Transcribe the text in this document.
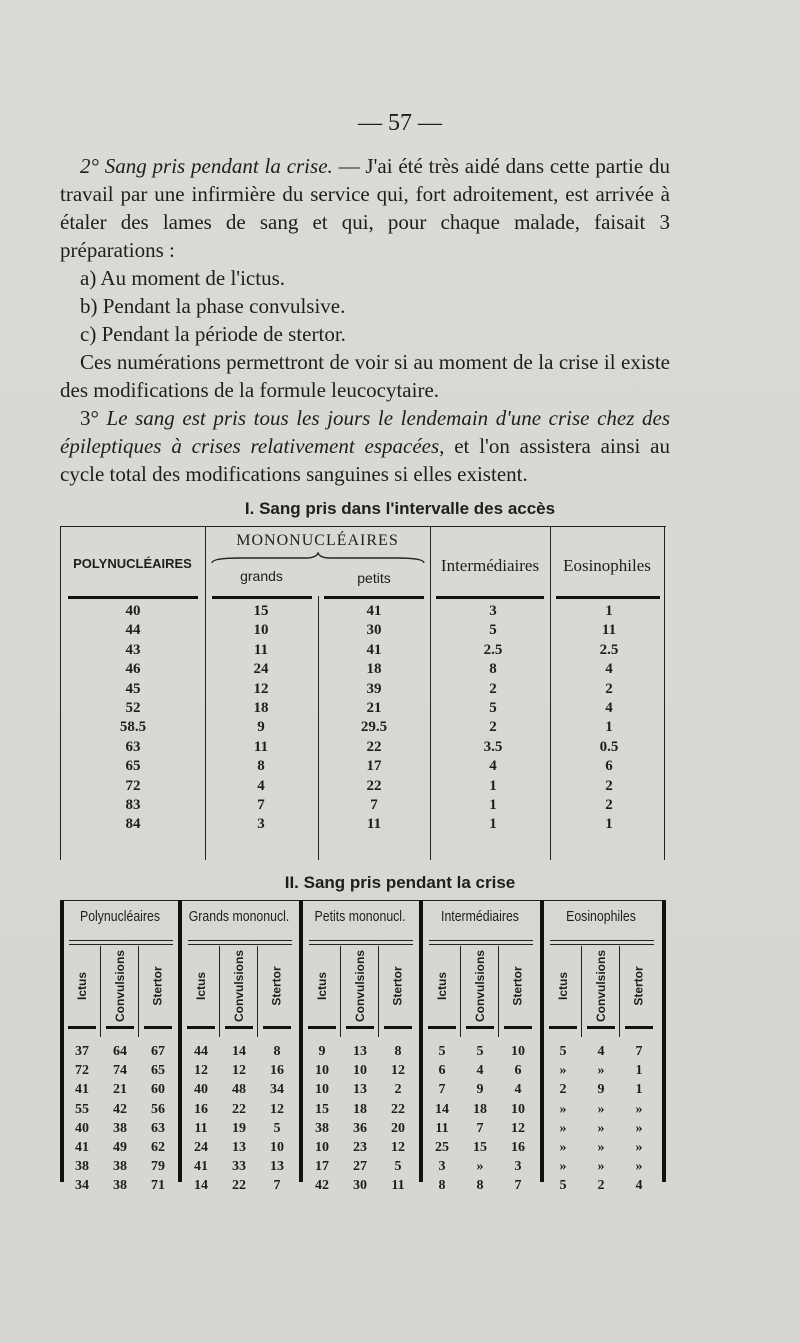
— 57 —

2° Sang pris pendant la crise. — J'ai été très aidé dans cette partie du travail par une infirmière du service qui, fort adroitement, est arrivée à étaler des lames de sang et qui, pour chaque malade, faisait 3 préparations :

a) Au moment de l'ictus.

b) Pendant la phase convulsive.

c) Pendant la période de stertor.

Ces numérations permettront de voir si au moment de la crise il existe des modifications de la formule leucocytaire.

3° Le sang est pris tous les jours le lendemain d'une crise chez des épileptiques à crises relativement espacées, et l'on assistera ainsi au cycle total des modifications sanguines si elles existent.

I. Sang pris dans l'intervalle des accès
POLYNUCLÉAIRES
MONONUCLÉAIRES
grands	petits
Intermédiaires	Eosinophiles
40
44
43
46
45
52
58.5
63
65
72
83
84
15
10
11
24
12
18
9
11
8
4
7
3
41
30
41
18
39
21
29.5
22
17
22
7
11
3
5
2.5
8
2
5
2
3.5
4
1
1
1
1
11
2.5
4
2
4
1
0.5
6
2
2
1
II. Sang pris pendant la crise
Polynucléaires
Ictus Convulsions Stertor
Grands mononucl.
Ictus Convulsions Stertor
Petits mononucl.
Ictus Convulsions Stertor
Intermédiaires
Ictus Convulsions Stertor
Eosinophiles
Ictus Convulsions Stertor
37
72
41
55
40
41
38
34
64
74
21
42
38
49
38
38
67
65
60
56
63
62
79
71
44
12
40
16
11
24
41
14
14
12
48
22
19
13
33
22
8
16
34
12
5
10
13
7
9
10
10
15
38
10
17
42
13
10
13
18
36
23
27
30
8
12
2
22
20
12
5
11
5
6
7
14
11
25
3
8
5
4
9
18
7
15
»
8
10
6
4
10
12
16
3
7
5
»
2
»
»
»
»
5
4
»
9
»
»
»
»
2
7
1
1
»
»
»
»
4
